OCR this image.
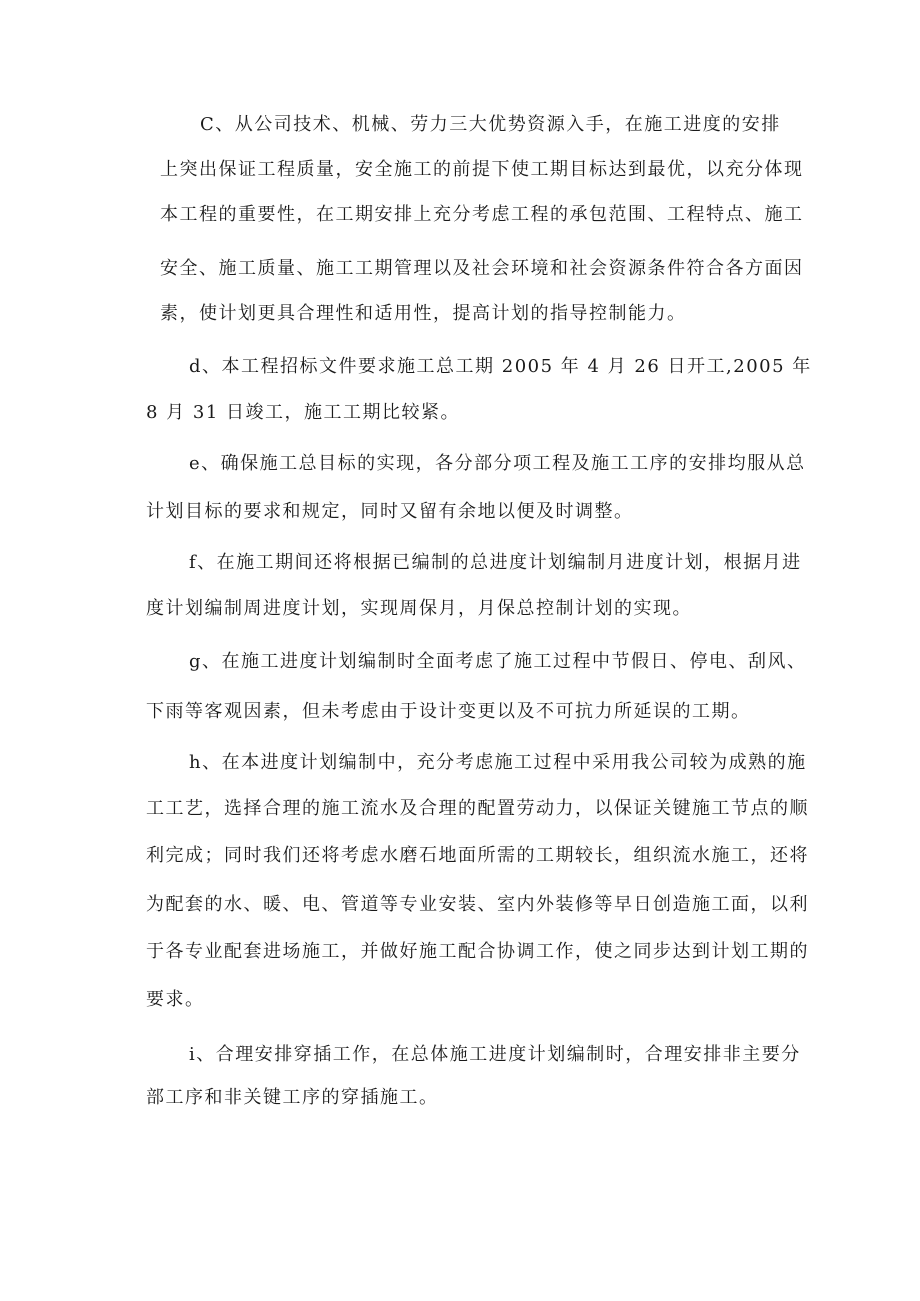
C、从公司技术、机械、劳力三大优势资源入手，在施工进度的安排
上突出保证工程质量，安全施工的前提下使工期目标达到最优，以充分体现
本工程的重要性，在工期安排上充分考虑工程的承包范围、工程特点、施工
安全、施工质量、施工工期管理以及社会环境和社会资源条件符合各方面因
素，使计划更具合理性和适用性，提高计划的指导控制能力。
d、本工程招标文件要求施工总工期 2005 年 4 月 26 日开工,2005 年
8 月 31 日竣工，施工工期比较紧。
e、确保施工总目标的实现，各分部分项工程及施工工序的安排均服从总
计划目标的要求和规定，同时又留有余地以便及时调整。
f、在施工期间还将根据已编制的总进度计划编制月进度计划，根据月进
度计划编制周进度计划，实现周保月，月保总控制计划的实现。
g、在施工进度计划编制时全面考虑了施工过程中节假日、停电、刮风、
下雨等客观因素，但未考虑由于设计变更以及不可抗力所延误的工期。
h、在本进度计划编制中，充分考虑施工过程中采用我公司较为成熟的施
工工艺，选择合理的施工流水及合理的配置劳动力，以保证关键施工节点的顺
利完成；同时我们还将考虑水磨石地面所需的工期较长，组织流水施工，还将
为配套的水、暖、电、管道等专业安装、室内外装修等早日创造施工面，以利
于各专业配套进场施工，并做好施工配合协调工作，使之同步达到计划工期的
要求。
i、合理安排穿插工作，在总体施工进度计划编制时，合理安排非主要分
部工序和非关键工序的穿插施工。
